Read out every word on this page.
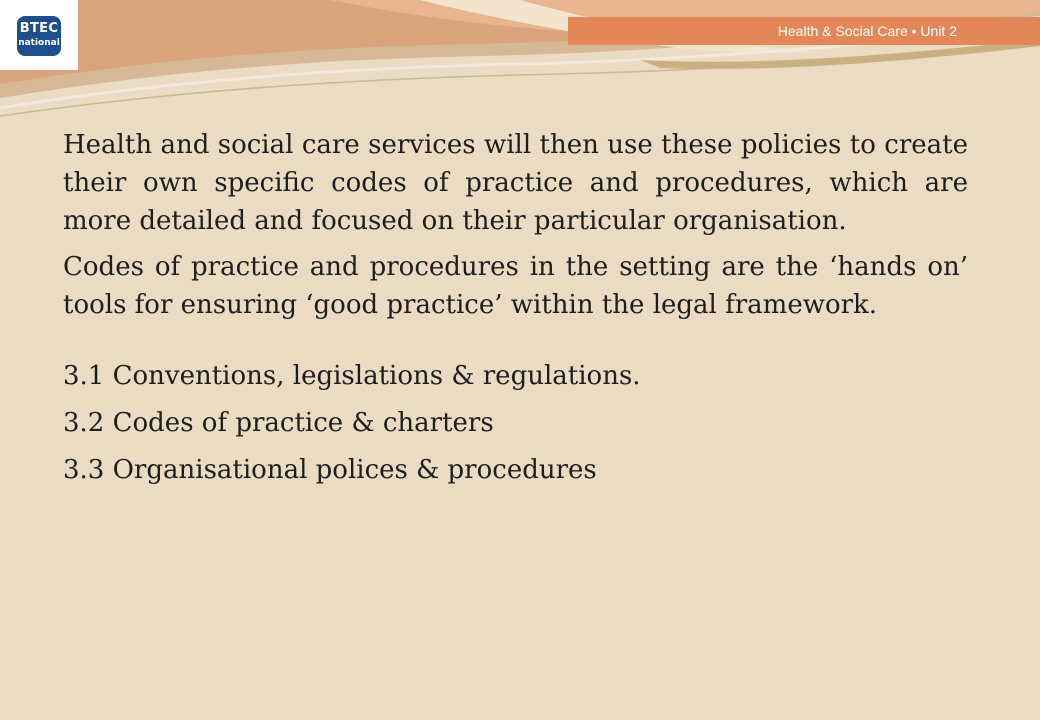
BTEC
national
Health & Social Care • Unit 2

Health and social care services will then use these policies to create their own specific codes of practice and procedures, which are more detailed and focused on their particular organisation.

Codes of practice and procedures in the setting are the ‘hands on’ tools for ensuring ‘good practice’ within the legal framework.

3.1 Conventions, legislations & regulations.

3.2 Codes of practice & charters

3.3 Organisational polices & procedures
